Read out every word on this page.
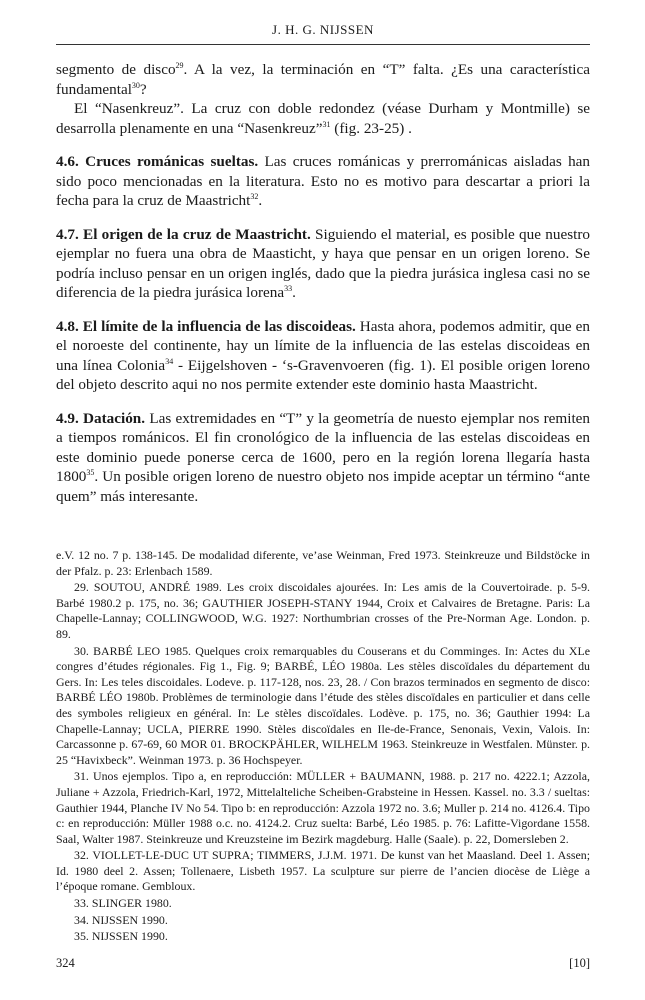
J. H. G. NIJSSEN

segmento de disco$^{29}$. A la vez, la terminación en “T” falta. ¿Es una característica fundamental$^{30}$?

El “Nasenkreuz”. La cruz con doble redondez (véase Durham y Montmille) se desarrolla plenamente en una “Nasenkreuz”$^{31}$ (fig. 23-25) .

4.6. Cruces románicas sueltas. Las cruces románicas y prerrománicas aisladas han sido poco mencionadas en la literatura. Esto no es motivo para descartar a priori la fecha para la cruz de Maastricht$^{32}$.

4.7. El origen de la cruz de Maastricht. Siguiendo el material, es posible que nuestro ejemplar no fuera una obra de Maasticht, y haya que pensar en un origen loreno. Se podría incluso pensar en un origen inglés, dado que la piedra jurásica inglesa casi no se diferencia de la piedra jurásica lorena$^{33}$.

4.8. El límite de la influencia de las discoideas. Hasta ahora, podemos admitir, que en el noroeste del continente, hay un límite de la influencia de las estelas discoideas en una línea Colonia$^{34}$ - Eijgelshoven - ‘s-Gravenvoeren (fig. 1). El posible origen loreno del objeto descrito aqui no nos permite extender este dominio hasta Maastricht.

4.9. Datación. Las extremidades en “T” y la geometría de nuesto ejemplar nos remiten a tiempos románicos. El fin cronológico de la influencia de las estelas discoideas en este dominio puede ponerse cerca de 1600, pero en la región lorena llegaría hasta 1800$^{35}$. Un posible origen loreno de nuestro objeto nos impide aceptar un término “ante quem” más interesante.

e.V. 12 no. 7 p. 138-145. De modalidad diferente, ve’ase Weinman, Fred 1973. Steinkreuze und Bildstöcke in der Pfalz. p. 23: Erlenbach 1589.

29. SOUTOU, ANDRÉ 1989. Les croix discoidales ajourées. In: Les amis de la Couvertoirade. p. 5-9. Barbé 1980.2 p. 175, no. 36; GAUTHIER JOSEPH-STANY 1944, Croix et Calvaires de Bretagne. Paris: La Chapelle-Lannay; COLLINGWOOD, W.G. 1927: Northumbrian crosses of the Pre-Norman Age. London. p. 89.

30. BARBÉ LEO 1985. Quelques croix remarquables du Couserans et du Comminges. In: Actes du XLe congres d’études régionales. Fig 1., Fig. 9; BARBÉ, LÉO 1980a. Les stèles discoïdales du département du Gers. In: Les teles discoidales. Lodeve. p. 117-128, nos. 23, 28. / Con brazos terminados en segmento de disco: BARBÉ LÉO 1980b. Problèmes de terminologie dans l’étude des stèles discoïdales en particulier et dans celle des symboles religieux en général. In: Le stèles discoïdales. Lodève. p. 175, no. 36; Gauthier 1994: La Chapelle-Lannay; UCLA, PIERRE 1990. Stèles discoïdales en Ile-de-France, Senonais, Vexin, Valois. In: Carcassonne p. 67-69, 60 MOR 01. BROCKPÄHLER, WILHELM 1963. Steinkreuze in Westfalen. Münster. p. 25 “Havixbeck”. Weinman 1973. p. 36 Hochspeyer.

31. Unos ejemplos. Tipo a, en reproducción: MÜLLER + BAUMANN, 1988. p. 217 no. 4222.1; Azzola, Juliane + Azzola, Friedrich-Karl, 1972, Mittelalteliche Scheiben-Grabsteine in Hessen. Kassel. no. 3.3 / sueltas: Gauthier 1944, Planche IV No 54. Tipo b: en reproducción: Azzola 1972 no. 3.6; Muller p. 214 no. 4126.4. Tipo c: en reproducción: Müller 1988 o.c. no. 4124.2. Cruz suelta: Barbé, Léo 1985. p. 76: Lafitte-Vigordane 1558. Saal, Walter 1987. Steinkreuze und Kreuzsteine im Bezirk magdeburg. Halle (Saale). p. 22, Domersleben 2.

32. VIOLLET-LE-DUC UT SUPRA; TIMMERS, J.J.M. 1971. De kunst van het Maasland. Deel 1. Assen; Id. 1980 deel 2. Assen; Tollenaere, Lisbeth 1957. La sculpture sur pierre de l’ancien diocèse de Liège a l’époque romane. Gembloux.

33. SLINGER 1980.

34. NIJSSEN 1990.

35. NIJSSEN 1990.

324	[10]
